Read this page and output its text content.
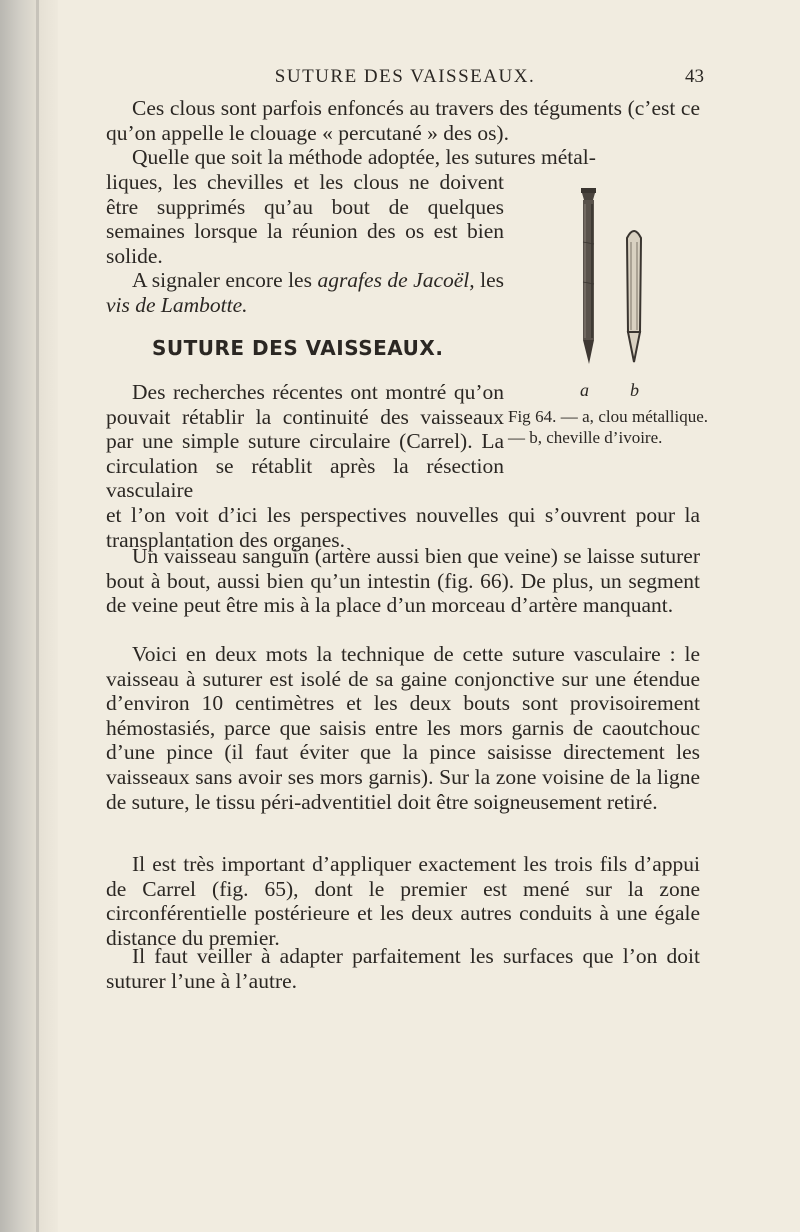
SUTURE DES VAISSEAUX.	43

Ces clous sont parfois enfoncés au travers des téguments (c’est ce qu’on appelle le clouage « percutané » des os).

Quelle que soit la méthode adoptée, les sutures métal-

liques, les chevilles et les clous ne doivent être supprimés qu’au bout de quelques semaines lorsque la réunion des os est bien solide.

A signaler encore les agrafes de Jacoël, les vis de Lambotte.

SUTURE DES VAISSEAUX.

Des recherches récentes ont montré qu’on pouvait rétablir la continuité des vaisseaux par une simple suture circulaire (Carrel). La circulation se rétablit après la résection vasculaire

et l’on voit d’ici les perspectives nouvelles qui s’ouvrent pour la transplantation des organes.

Un vaisseau sanguin (artère aussi bien que veine) se laisse suturer bout à bout, aussi bien qu’un intestin (fig. 66). De plus, un segment de veine peut être mis à la place d’un morceau d’artère manquant.

Voici en deux mots la technique de cette suture vasculaire : le vaisseau à suturer est isolé de sa gaine conjonctive sur une étendue d’environ 10 centimètres et les deux bouts sont provisoirement hémostasiés, parce que saisis entre les mors garnis de caoutchouc d’une pince (il faut éviter que la pince saisisse directement les vaisseaux sans avoir ses mors garnis). Sur la zone voisine de la ligne de suture, le tissu péri-adventitiel doit être soigneusement retiré.

Il est très important d’appliquer exactement les trois fils d’appui de Carrel (fig. 65), dont le premier est mené sur la zone circonférentielle postérieure et les deux autres conduits à une égale distance du premier.

Il faut veiller à adapter parfaitement les surfaces que l’on doit suturer l’une à l’autre.

a b

Fig 64. — a, clou métallique. — b, cheville d’ivoire.
